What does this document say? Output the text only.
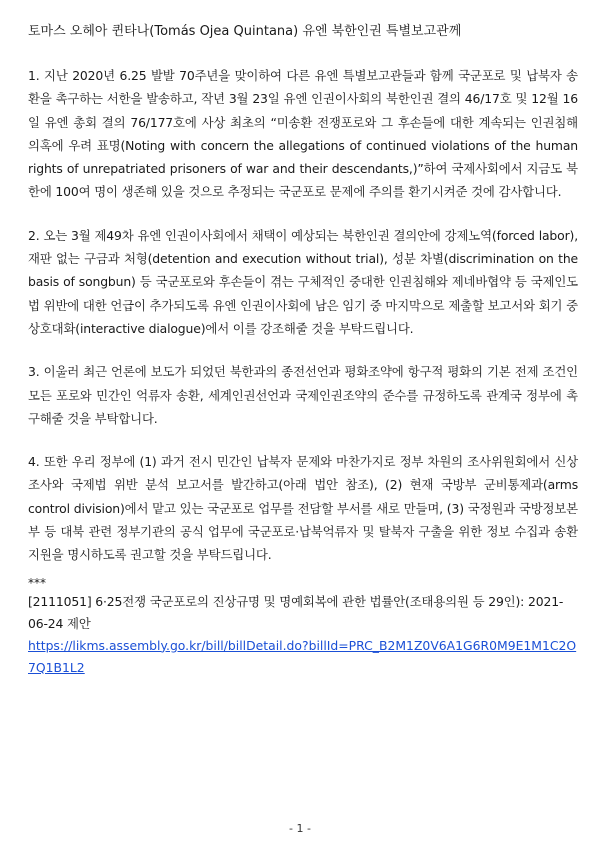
토마스 오헤아 퀸타나(Tomás Ojea Quintana) 유엔 북한인권 특별보고관께

1. 지난 2020년 6.25 발발 70주년을 맞이하여 다른 유엔 특별보고관들과 함께 국군포로 및 납북자 송환을 촉구하는 서한을 발송하고, 작년 3월 23일 유엔 인권이사회의 북한인권 결의 46/17호 및 12월 16일 유엔 총회 결의 76/177호에 사상 최초의 “미송환 전쟁포로와 그 후손들에 대한 계속되는 인권침해 의혹에 우려 표명(Noting with concern the allegations of continued violations of the human rights of unrepatriated prisoners of war and their descendants,)”하여 국제사회에서 지금도 북한에 100여 명이 생존해 있을 것으로 추정되는 국군포로 문제에 주의를 환기시켜준 것에 감사합니다.

2. 오는 3월 제49차 유엔 인권이사회에서 채택이 예상되는 북한인권 결의안에 강제노역(forced labor), 재판 없는 구금과 처형(detention and execution without trial), 성분 차별(discrimination on the basis of songbun) 등 국군포로와 후손들이 겪는 구체적인 중대한 인권침해와 제네바협약 등 국제인도법 위반에 대한 언급이 추가되도록 유엔 인권이사회에 남은 임기 중 마지막으로 제출할 보고서와 회기 중 상호대화(interactive dialogue)에서 이를 강조해줄 것을 부탁드립니다.

3. 이울러 최근 언론에 보도가 되었던 북한과의 종전선언과 평화조약에 항구적 평화의 기본 전제 조건인 모든 포로와 민간인 억류자 송환, 세계인권선언과 국제인권조약의 준수를 규정하도록 관계국 정부에 촉구해줄 것을 부탁합니다.

4. 또한 우리 정부에 (1) 과거 전시 민간인 납북자 문제와 마찬가지로 정부 차원의 조사위원회에서 신상조사와 국제법 위반 분석 보고서를 발간하고(아래 법안 참조), (2) 현재 국방부 군비통제과(arms control division)에서 맡고 있는 국군포로 업무를 전담할 부서를 새로 만들며, (3) 국정원과 국방정보본부 등 대북 관련 정부기관의 공식 업무에 국군포로·납북억류자 및 탈북자 구출을 위한 정보 수집과 송환 지원을 명시하도록 권고할 것을 부탁드립니다.

***
[2111051] 6·25전쟁 국군포로의 진상규명 및 명예회복에 관한 법률안(조태용의원 등 29인): 2021-06-24 제안
https://likms.assembly.go.kr/bill/billDetail.do?billId=PRC_B2M1Z0V6A1G6R0M9E1M1C2O7Q1B1L2
- 1 -
